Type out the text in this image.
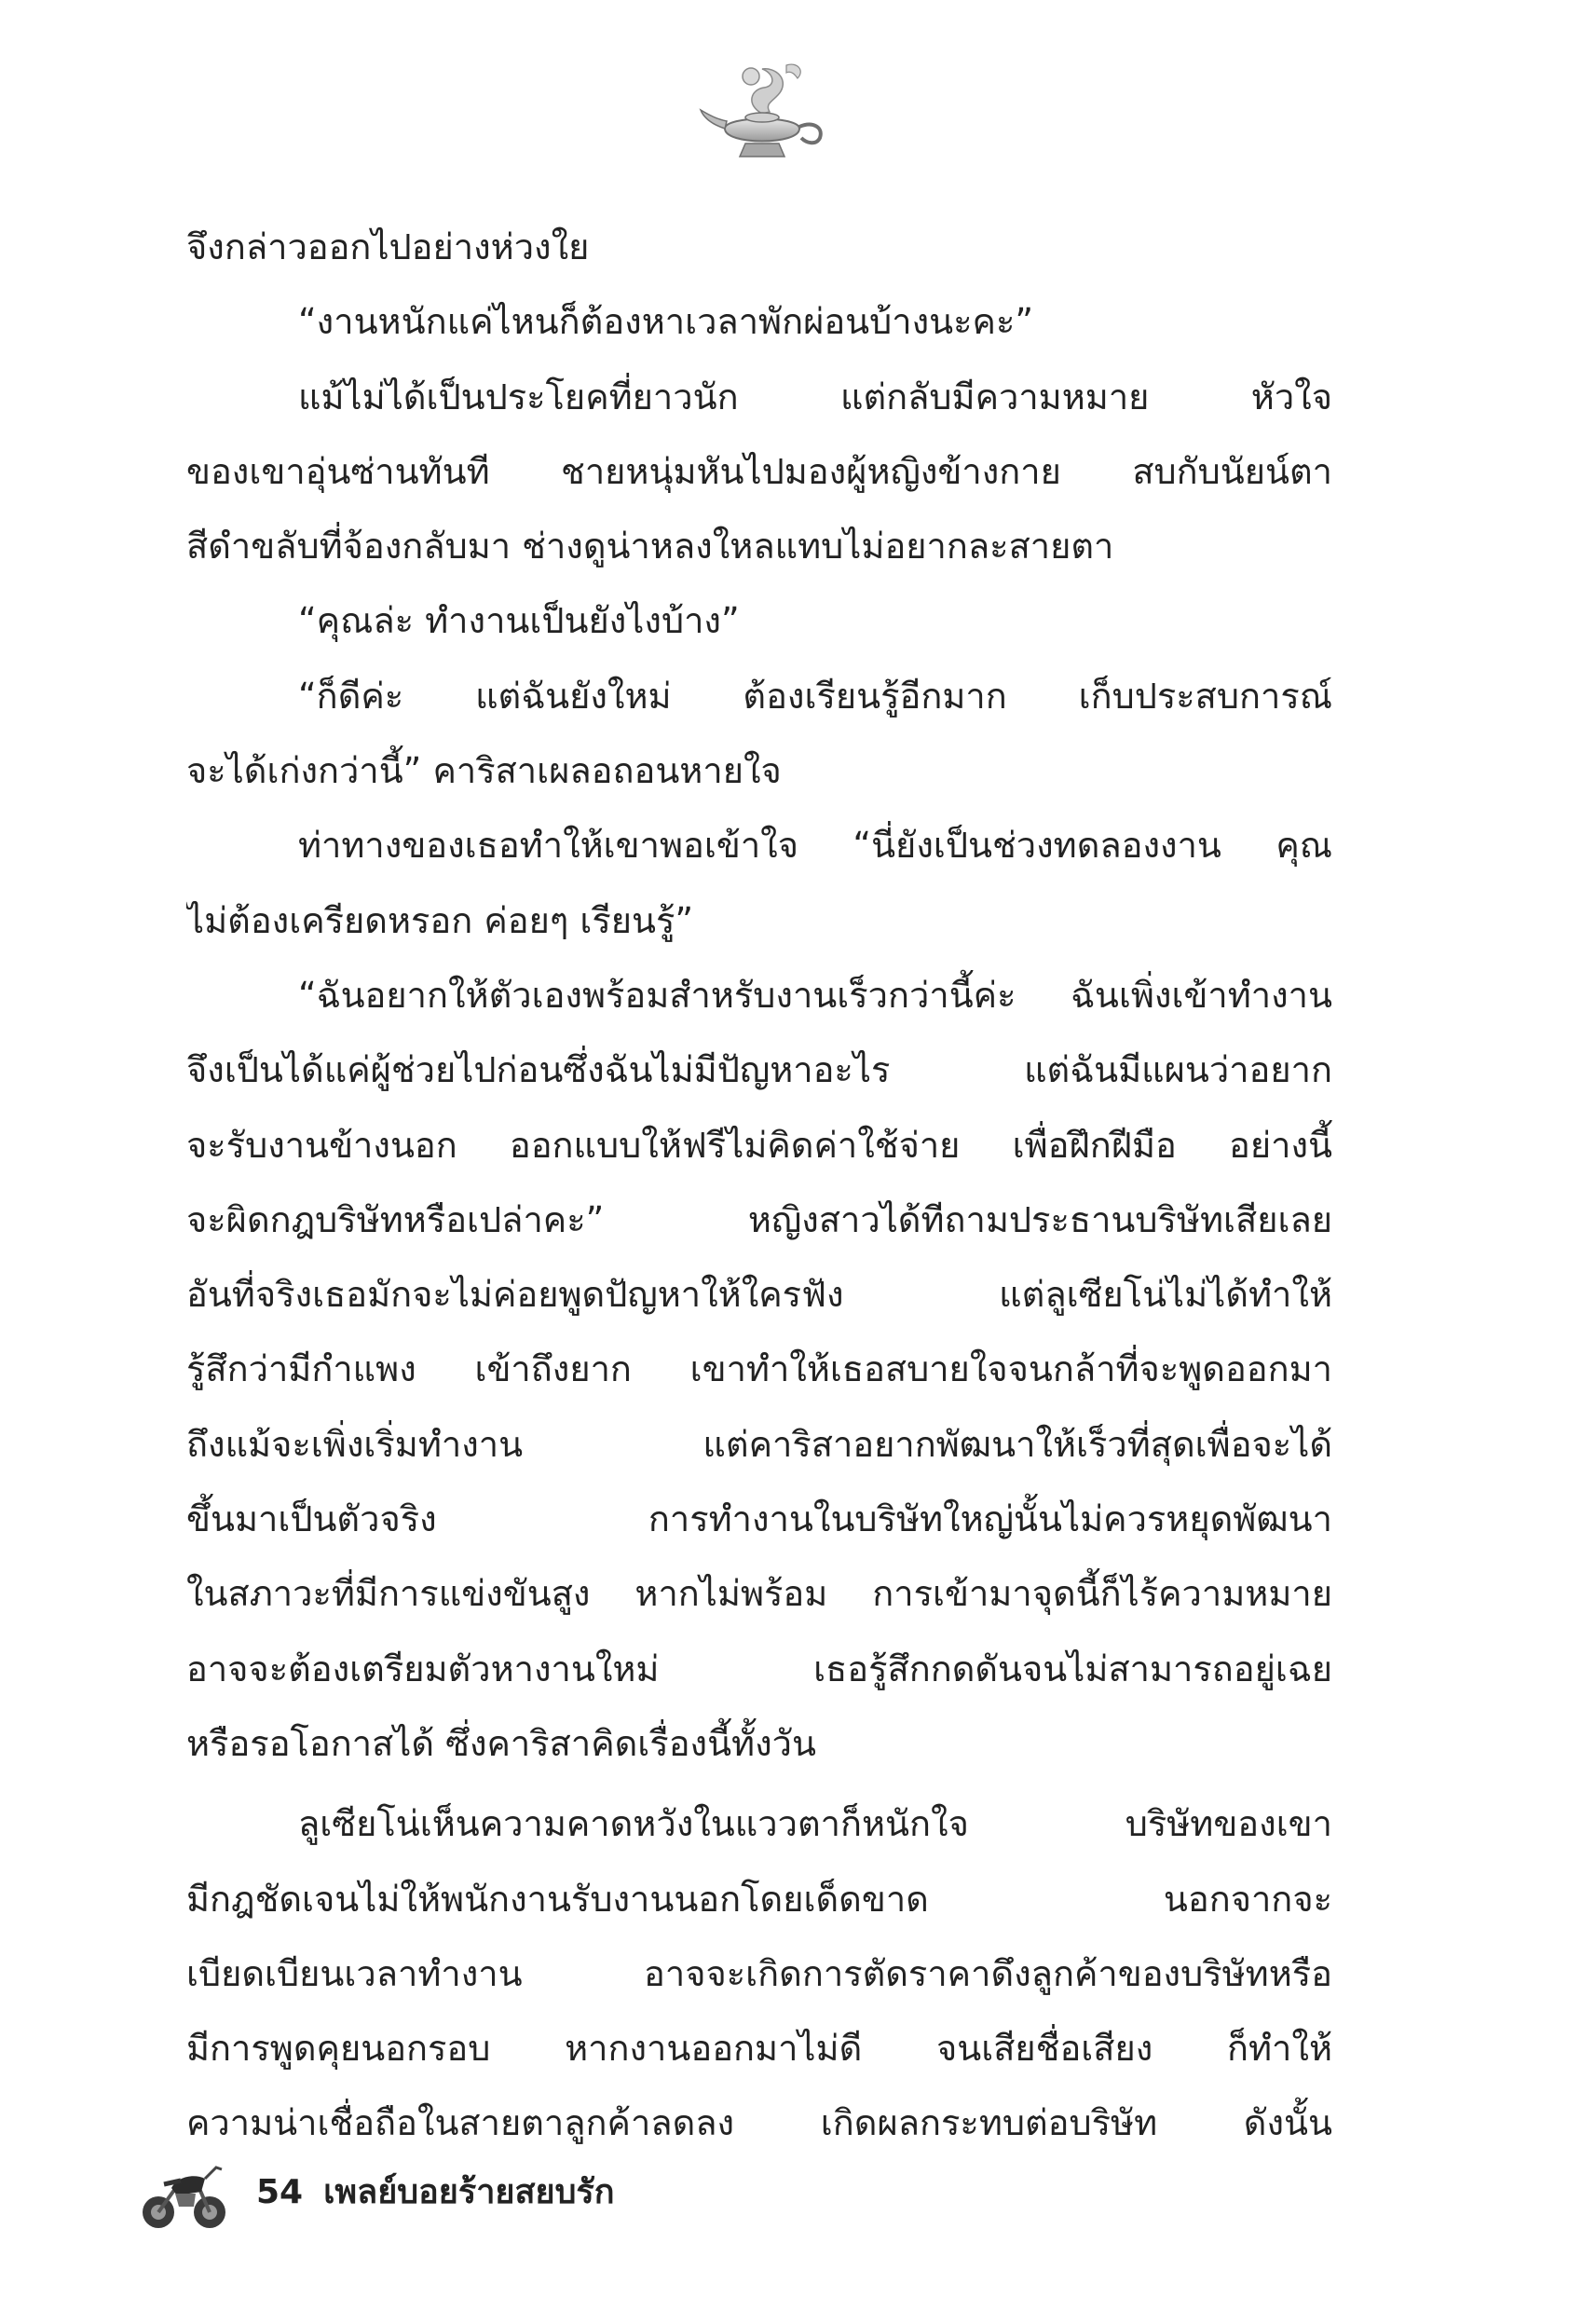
จึงกล่าวออกไปอย่างห่วงใย
“งานหนักแค่ไหนก็ต้องหาเวลาพักผ่อนบ้างนะคะ”
แม้ไม่ได้เป็นประโยคที่ยาวนัก แต่กลับมีความหมาย หัวใจ
ของเขาอุ่นซ่านทันที ชายหนุ่มหันไปมองผู้หญิงข้างกาย สบกับนัยน์ตา
สีดำขลับที่จ้องกลับมา ช่างดูน่าหลงใหลแทบไม่อยากละสายตา
“คุณล่ะ ทำงานเป็นยังไงบ้าง”
“ก็ดีค่ะ แต่ฉันยังใหม่ ต้องเรียนรู้อีกมาก เก็บประสบการณ์
จะได้เก่งกว่านี้” คาริสาเผลอถอนหายใจ
ท่าทางของเธอทำให้เขาพอเข้าใจ “นี่ยังเป็นช่วงทดลองงาน คุณ
ไม่ต้องเครียดหรอก ค่อยๆ เรียนรู้”
“ฉันอยากให้ตัวเองพร้อมสำหรับงานเร็วกว่านี้ค่ะ ฉันเพิ่งเข้าทำงาน
จึงเป็นได้แค่ผู้ช่วยไปก่อนซึ่งฉันไม่มีปัญหาอะไร แต่ฉันมีแผนว่าอยาก
จะรับงานข้างนอก ออกแบบให้ฟรีไม่คิดค่าใช้จ่าย เพื่อฝึกฝีมือ อย่างนี้
จะผิดกฎบริษัทหรือเปล่าคะ” หญิงสาวได้ทีถามประธานบริษัทเสียเลย
อันที่จริงเธอมักจะไม่ค่อยพูดปัญหาให้ใครฟัง แต่ลูเซียโน่ไม่ได้ทำให้
รู้สึกว่ามีกำแพง เข้าถึงยาก เขาทำให้เธอสบายใจจนกล้าที่จะพูดออกมา
ถึงแม้จะเพิ่งเริ่มทำงาน แต่คาริสาอยากพัฒนาให้เร็วที่สุดเพื่อจะได้
ขึ้นมาเป็นตัวจริง การทำงานในบริษัทใหญ่นั้นไม่ควรหยุดพัฒนา
ในสภาวะที่มีการแข่งขันสูง หากไม่พร้อม การเข้ามาจุดนี้ก็ไร้ความหมาย
อาจจะต้องเตรียมตัวหางานใหม่ เธอรู้สึกกดดันจนไม่สามารถอยู่เฉย
หรือรอโอกาสได้ ซึ่งคาริสาคิดเรื่องนี้ทั้งวัน
ลูเซียโน่เห็นความคาดหวังในแววตาก็หนักใจ บริษัทของเขา
มีกฎชัดเจนไม่ให้พนักงานรับงานนอกโดยเด็ดขาด นอกจากจะ
เบียดเบียนเวลาทำงาน อาจจะเกิดการตัดราคาดึงลูกค้าของบริษัทหรือ
มีการพูดคุยนอกรอบ หากงานออกมาไม่ดี จนเสียชื่อเสียง ก็ทำให้
ความน่าเชื่อถือในสายตาลูกค้าลดลง เกิดผลกระทบต่อบริษัท ดังนั้น
54 เพลย์บอยร้ายสยบรัก
